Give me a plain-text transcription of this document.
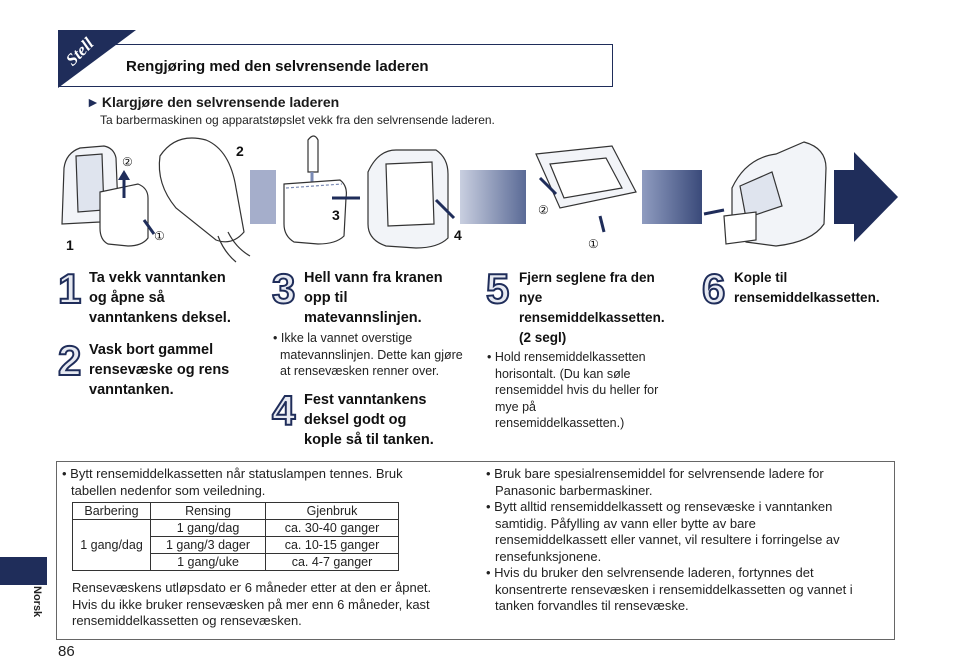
Stell	Rengjøring med den selvrensende laderen
► Klargjøre den selvrensende laderen
Ta barbermaskinen og apparatstøpslet vekk fra den selvrensende laderen.
1
2
3
4
②
①
②
①
1 Ta vekk vanntanken
og åpne så
vanntankens deksel.
2 Vask bort gammel
rensevæske og rens
vanntanken.
3 Hell vann fra kranen
opp til
matevannslinjen.
• Ikke la vannet overstige
matevannslinjen. Dette kan gjøre
at rensevæsken renner over.
4 Fest vanntankens
deksel godt og
kople så til tanken.
5 Fjern seglene fra den
nye
rensemiddelkassetten.
(2 segl)
• Hold rensemiddelkassetten
horisontalt. (Du kan søle
rensemiddel hvis du heller for
mye på
rensemiddelkassetten.)
6 Kople til
rensemiddelkassetten.
• Bytt rensemiddelkassetten når statuslampen tennes. Bruk
tabellen nedenfor som veiledning.
Barbering	Rensing	Gjenbruk
1 gang/dag	1 gang/dag	ca. 30-40 ganger
	1 gang/3 dager	ca. 10-15 ganger
	1 gang/uke	ca. 4-7 ganger
Rensevæskens utløpsdato er 6 måneder etter at den er åpnet.
Hvis du ikke bruker rensevæsken på mer enn 6 måneder, kast
rensemiddelkassetten og rensevæsken.
• Bruk bare spesialrensemiddel for selvrensende ladere for
Panasonic barbermaskiner.
• Bytt alltid rensemiddelkassett og rensevæske i vanntanken
samtidig. Påfylling av vann eller bytte av bare
rensemiddelkassett eller vannet, vil resultere i forringelse av
rensefunksjonene.
• Hvis du bruker den selvrensende laderen, fortynnes det
konsentrerte rensevæsken i rensemiddelkassetten og vannet i
tanken forvandles til rensevæske.
Norsk
86
